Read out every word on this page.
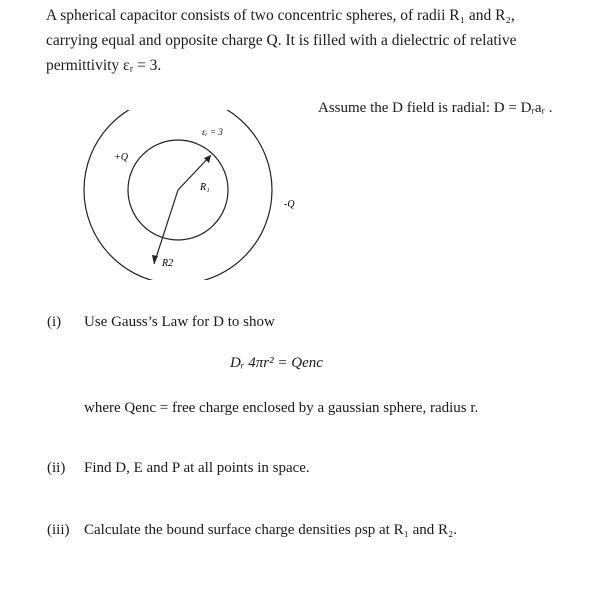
A spherical capacitor consists of two concentric spheres, of radii R₁ and R₂,
carrying equal and opposite charge Q. It is filled with a dielectric of relative
permittivity εᵣ = 3.
Assume the D field is radial: D = Dᵣaᵣ .
εᵣ = 3
+Q
-Q
R₁
R2
(i) Use Gauss’s Law for D to show
Dᵣ 4πr² = Qenc
where Qenc = free charge enclosed by a gaussian sphere, radius r.
(ii) Find D, E and P at all points in space.
(iii) Calculate the bound surface charge densities ρsp at R₁ and R₂.
